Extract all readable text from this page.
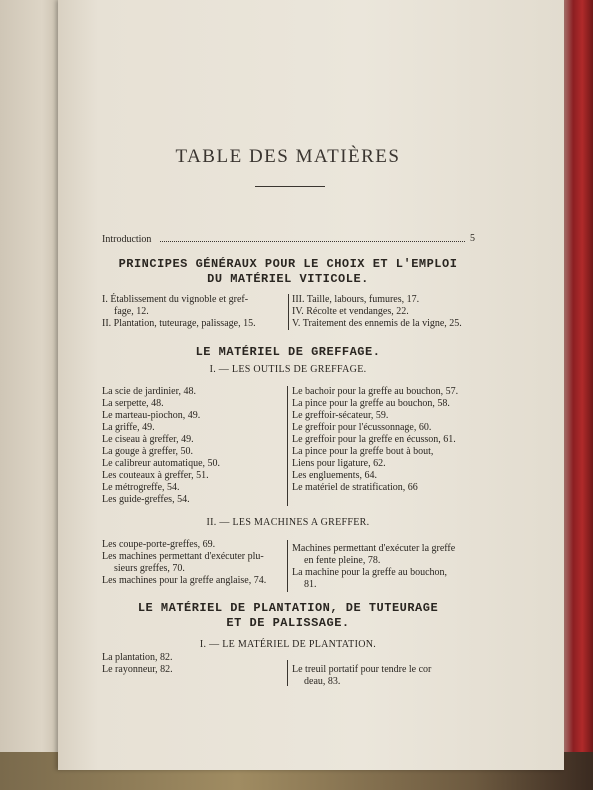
TABLE DES MATIÈRES
Introduction	5
PRINCIPES GÉNÉRAUX POUR LE CHOIX ET L'EMPLOI
DU MATÉRIEL VITICOLE.
I. Établissement du vignoble et gref-
fage, 12.
II. Plantation, tuteurage, palissage, 15.
III. Taille, labours, fumures, 17.
IV. Récolte et vendanges, 22.
V. Traitement des ennemis de la vigne, 25.
LE MATÉRIEL DE GREFFAGE.
I. — LES OUTILS DE GREFFAGE.
La scie de jardinier, 48.
La serpette, 48.
Le marteau-piochon, 49.
La griffe, 49.
Le ciseau à greffer, 49.
La gouge à greffer, 50.
Le calibreur automatique, 50.
Les couteaux à greffer, 51.
Le métrogreffe, 54.
Les guide-greffes, 54.
Le bachoir pour la greffe au bouchon, 57.
La pince pour la greffe au bouchon, 58.
Le greffoir-sécateur, 59.
Le greffoir pour l'écussonnage, 60.
Le greffoir pour la greffe en écusson, 61.
La pince pour la greffe bout à bout,
Liens pour ligature, 62.
Les engluements, 64.
Le matériel de stratification, 66
II. — LES MACHINES A GREFFER.
Les coupe-porte-greffes, 69.
Les machines permettant d'exécuter plu-
sieurs greffes, 70.
Les machines pour la greffe anglaise, 74.
Machines permettant d'exécuter la greffe
en fente pleine, 78.
La machine pour la greffe au bouchon,
81.
LE MATÉRIEL DE PLANTATION, DE TUTEURAGE
ET DE PALISSAGE.
I. — LE MATÉRIEL DE PLANTATION.
La plantation, 82.
Le rayonneur, 82.	Le treuil portatif pour tendre le cor
deau, 83.
